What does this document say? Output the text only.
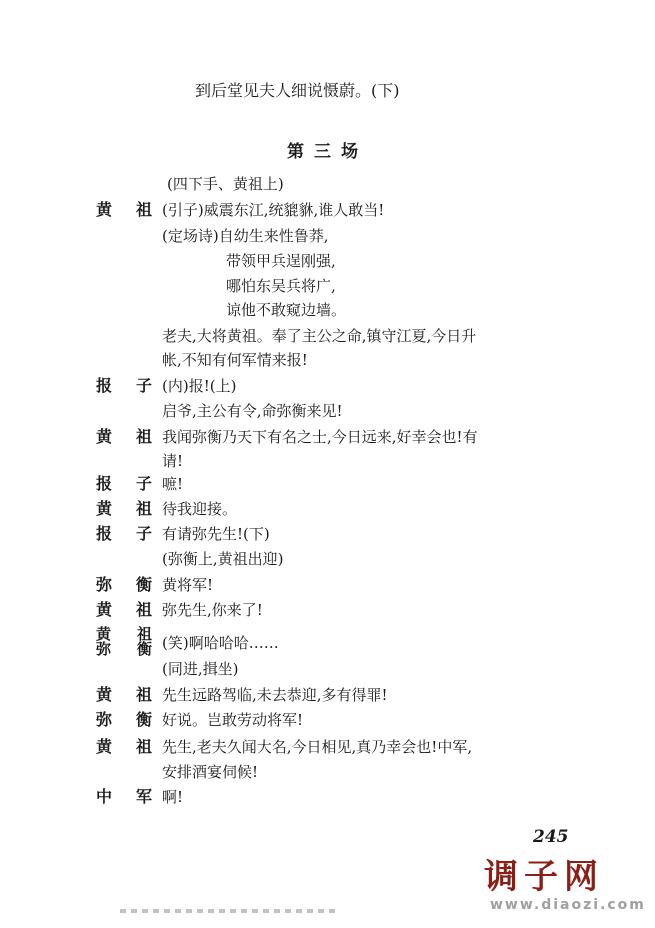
到后堂见夫人细说慑蔚。(下)
第三场
(四下手、黄祖上)
黄 祖 (引子)威震东江,统貔貅,谁人敢当!
(定场诗)自幼生来性鲁莽,
带领甲兵逞刚强,
哪怕东吴兵将广,
谅他不敢窥边墙。
老夫,大将黄祖。奉了主公之命,镇守江夏,今日升
帐,不知有何军情来报!
报 子 (内)报!(上)
启爷,主公有令,命弥衡来见!
黄 祖 我闻弥衡乃天下有名之士,今日远来,好幸会也!有
请!
报 子 嗻!
黄 祖 待我迎接。
报 子 有请弥先生!(下)
(弥衡上,黄祖出迎)
弥 衡 黄将军!
黄 祖 弥先生,你来了!
黄 祖
弥 衡 (笑)啊哈哈哈……
(同进,揖坐)
黄 祖 先生远路驾临,未去恭迎,多有得罪!
弥 衡 好说。岂敢劳动将军!
黄 祖 先生,老夫久闻大名,今日相见,真乃幸会也!中军,
安排酒宴伺候!
中 军 啊!
245
调子网
www.diaozi.com
